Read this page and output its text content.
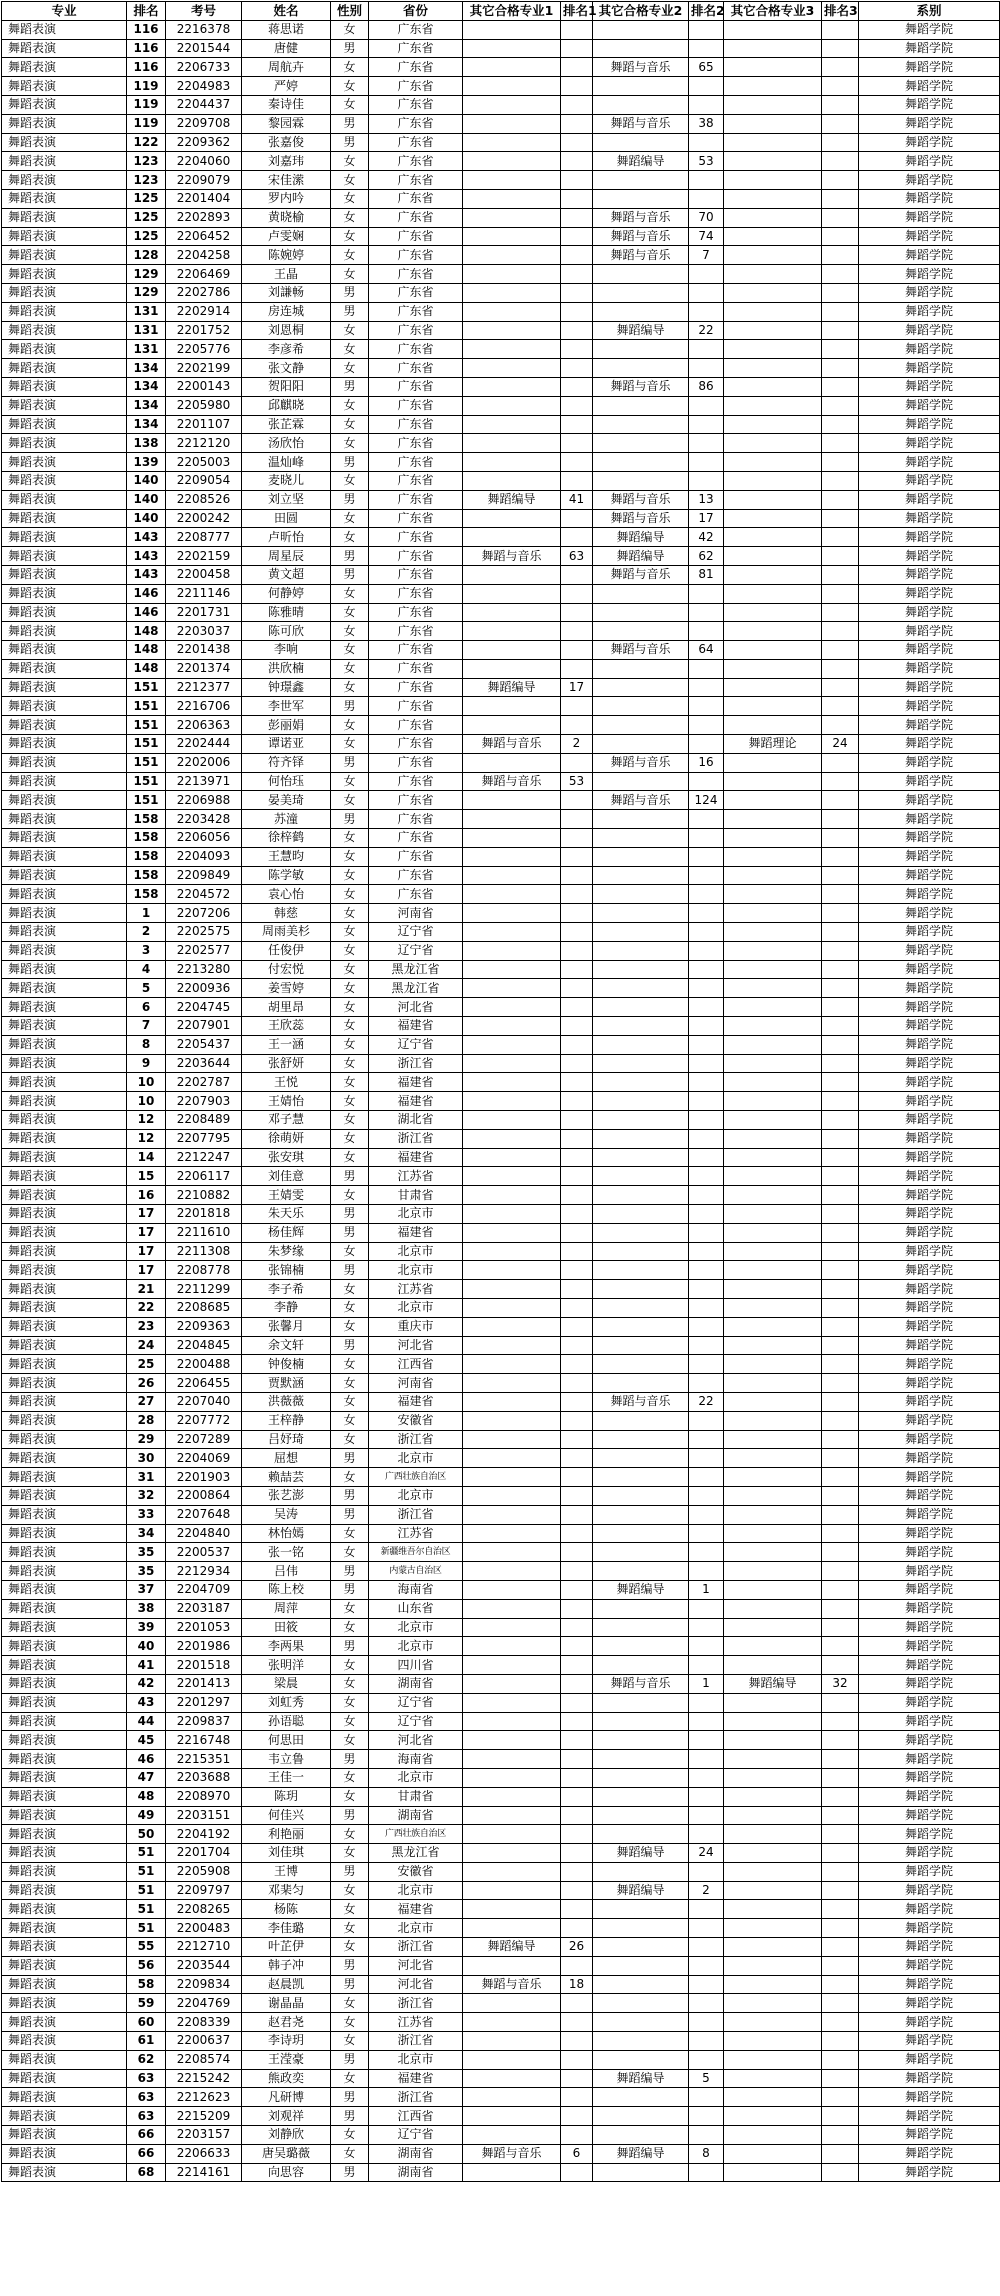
专业	排名	考号	姓名	性别	省份	其它合格专业1	排名1	其它合格专业2	排名2	其它合格专业3	排名3	系别
舞蹈表演	116	2216378	蒋思诺	女	广东省							舞蹈学院
舞蹈表演	116	2201544	唐健	男	广东省							舞蹈学院
舞蹈表演	116	2206733	周航卉	女	广东省			舞蹈与音乐	65			舞蹈学院
舞蹈表演	119	2204983	严婷	女	广东省							舞蹈学院
舞蹈表演	119	2204437	秦诗佳	女	广东省							舞蹈学院
舞蹈表演	119	2209708	黎园霖	男	广东省			舞蹈与音乐	38			舞蹈学院
舞蹈表演	122	2209362	张嘉俊	男	广东省							舞蹈学院
舞蹈表演	123	2204060	刘嘉玮	女	广东省			舞蹈编导	53			舞蹈学院
舞蹈表演	123	2209079	宋佳潆	女	广东省							舞蹈学院
舞蹈表演	125	2201404	罗内吟	女	广东省							舞蹈学院
舞蹈表演	125	2202893	黄晓榆	女	广东省			舞蹈与音乐	70			舞蹈学院
舞蹈表演	125	2206452	卢雯娴	女	广东省			舞蹈与音乐	74			舞蹈学院
舞蹈表演	128	2204258	陈婉婷	女	广东省			舞蹈与音乐	7			舞蹈学院
舞蹈表演	129	2206469	王晶	女	广东省							舞蹈学院
舞蹈表演	129	2202786	刘謙畅	男	广东省							舞蹈学院
舞蹈表演	131	2202914	房连城	男	广东省							舞蹈学院
舞蹈表演	131	2201752	刘恩桐	女	广东省			舞蹈编导	22			舞蹈学院
舞蹈表演	131	2205776	李彦希	女	广东省							舞蹈学院
舞蹈表演	134	2202199	张文静	女	广东省							舞蹈学院
舞蹈表演	134	2200143	贺阳阳	男	广东省			舞蹈与音乐	86			舞蹈学院
舞蹈表演	134	2205980	邱麒晓	女	广东省							舞蹈学院
舞蹈表演	134	2201107	张芷霖	女	广东省							舞蹈学院
舞蹈表演	138	2212120	汤欣怡	女	广东省							舞蹈学院
舞蹈表演	139	2205003	温灿峰	男	广东省							舞蹈学院
舞蹈表演	140	2209054	麦晓儿	女	广东省							舞蹈学院
舞蹈表演	140	2208526	刘立坚	男	广东省	舞蹈编导	41	舞蹈与音乐	13			舞蹈学院
舞蹈表演	140	2200242	田圆	女	广东省			舞蹈与音乐	17			舞蹈学院
舞蹈表演	143	2208777	卢昕怡	女	广东省			舞蹈编导	42			舞蹈学院
舞蹈表演	143	2202159	周星辰	男	广东省	舞蹈与音乐	63	舞蹈编导	62			舞蹈学院
舞蹈表演	143	2200458	黄文超	男	广东省			舞蹈与音乐	81			舞蹈学院
舞蹈表演	146	2211146	何静婷	女	广东省							舞蹈学院
舞蹈表演	146	2201731	陈雅晴	女	广东省							舞蹈学院
舞蹈表演	148	2203037	陈可欣	女	广东省							舞蹈学院
舞蹈表演	148	2201438	李响	女	广东省			舞蹈与音乐	64			舞蹈学院
舞蹈表演	148	2201374	洪欣楠	女	广东省							舞蹈学院
舞蹈表演	151	2212377	钟璟鑫	女	广东省	舞蹈编导	17					舞蹈学院
舞蹈表演	151	2216706	李世军	男	广东省							舞蹈学院
舞蹈表演	151	2206363	彭丽娟	女	广东省							舞蹈学院
舞蹈表演	151	2202444	谭诺亚	女	广东省	舞蹈与音乐	2			舞蹈理论	24	舞蹈学院
舞蹈表演	151	2202006	符齐铎	男	广东省			舞蹈与音乐	16			舞蹈学院
舞蹈表演	151	2213971	何怡珏	女	广东省	舞蹈与音乐	53					舞蹈学院
舞蹈表演	151	2206988	晏美琦	女	广东省			舞蹈与音乐	124			舞蹈学院
舞蹈表演	158	2203428	苏潼	男	广东省							舞蹈学院
舞蹈表演	158	2206056	徐梓鹤	女	广东省							舞蹈学院
舞蹈表演	158	2204093	王慧昀	女	广东省							舞蹈学院
舞蹈表演	158	2209849	陈学敏	女	广东省							舞蹈学院
舞蹈表演	158	2204572	袁心怡	女	广东省							舞蹈学院
舞蹈表演	1	2207206	韩慈	女	河南省							舞蹈学院
舞蹈表演	2	2202575	周雨美杉	女	辽宁省							舞蹈学院
舞蹈表演	3	2202577	任俊伊	女	辽宁省							舞蹈学院
舞蹈表演	4	2213280	付宏悦	女	黑龙江省							舞蹈学院
舞蹈表演	5	2200936	姜雪婷	女	黑龙江省							舞蹈学院
舞蹈表演	6	2204745	胡里昂	女	河北省							舞蹈学院
舞蹈表演	7	2207901	王欣蕊	女	福建省							舞蹈学院
舞蹈表演	8	2205437	王一涵	女	辽宁省							舞蹈学院
舞蹈表演	9	2203644	张舒妍	女	浙江省							舞蹈学院
舞蹈表演	10	2202787	王悦	女	福建省							舞蹈学院
舞蹈表演	10	2207903	王婧怡	女	福建省							舞蹈学院
舞蹈表演	12	2208489	邓子慧	女	湖北省							舞蹈学院
舞蹈表演	12	2207795	徐萌妍	女	浙江省							舞蹈学院
舞蹈表演	14	2212247	张安琪	女	福建省							舞蹈学院
舞蹈表演	15	2206117	刘佳意	男	江苏省							舞蹈学院
舞蹈表演	16	2210882	王婧雯	女	甘肃省							舞蹈学院
舞蹈表演	17	2201818	朱天乐	男	北京市							舞蹈学院
舞蹈表演	17	2211610	杨佳辉	男	福建省							舞蹈学院
舞蹈表演	17	2211308	朱梦缘	女	北京市							舞蹈学院
舞蹈表演	17	2208778	张锦楠	男	北京市							舞蹈学院
舞蹈表演	21	2211299	李子希	女	江苏省							舞蹈学院
舞蹈表演	22	2208685	李静	女	北京市							舞蹈学院
舞蹈表演	23	2209363	张馨月	女	重庆市							舞蹈学院
舞蹈表演	24	2204845	余文轩	男	河北省							舞蹈学院
舞蹈表演	25	2200488	钟俊楠	女	江西省							舞蹈学院
舞蹈表演	26	2206455	贾默涵	女	河南省							舞蹈学院
舞蹈表演	27	2207040	洪薇薇	女	福建省			舞蹈与音乐	22			舞蹈学院
舞蹈表演	28	2207772	王梓静	女	安徽省							舞蹈学院
舞蹈表演	29	2207289	吕妤琦	女	浙江省							舞蹈学院
舞蹈表演	30	2204069	屈想	男	北京市							舞蹈学院
舞蹈表演	31	2201903	赖喆芸	女	广西壮族自治区							舞蹈学院
舞蹈表演	32	2200864	张艺澎	男	北京市							舞蹈学院
舞蹈表演	33	2207648	吴涛	男	浙江省							舞蹈学院
舞蹈表演	34	2204840	林怡嫣	女	江苏省							舞蹈学院
舞蹈表演	35	2200537	张一铭	女	新疆维吾尔自治区							舞蹈学院
舞蹈表演	35	2212934	吕伟	男	内蒙古自治区							舞蹈学院
舞蹈表演	37	2204709	陈上校	男	海南省			舞蹈编导	1			舞蹈学院
舞蹈表演	38	2203187	周萍	女	山东省							舞蹈学院
舞蹈表演	39	2201053	田筱	女	北京市							舞蹈学院
舞蹈表演	40	2201986	李两果	男	北京市							舞蹈学院
舞蹈表演	41	2201518	张明洋	女	四川省							舞蹈学院
舞蹈表演	42	2201413	梁晨	女	湖南省			舞蹈与音乐	1	舞蹈编导	32	舞蹈学院
舞蹈表演	43	2201297	刘虹秀	女	辽宁省							舞蹈学院
舞蹈表演	44	2209837	孙语聪	女	辽宁省							舞蹈学院
舞蹈表演	45	2216748	何思田	女	河北省							舞蹈学院
舞蹈表演	46	2215351	韦立鲁	男	海南省							舞蹈学院
舞蹈表演	47	2203688	王佳一	女	北京市							舞蹈学院
舞蹈表演	48	2208970	陈玥	女	甘肃省							舞蹈学院
舞蹈表演	49	2203151	何佳兴	男	湖南省							舞蹈学院
舞蹈表演	50	2204192	利艳丽	女	广西壮族自治区							舞蹈学院
舞蹈表演	51	2201704	刘佳琪	女	黑龙江省			舞蹈编导	24			舞蹈学院
舞蹈表演	51	2205908	王博	男	安徽省							舞蹈学院
舞蹈表演	51	2209797	邓棐匀	女	北京市			舞蹈编导	2			舞蹈学院
舞蹈表演	51	2208265	杨陈	女	福建省							舞蹈学院
舞蹈表演	51	2200483	李佳璐	女	北京市							舞蹈学院
舞蹈表演	55	2212710	叶芷伊	女	浙江省	舞蹈编导	26					舞蹈学院
舞蹈表演	56	2203544	韩子冲	男	河北省							舞蹈学院
舞蹈表演	58	2209834	赵晨凯	男	河北省	舞蹈与音乐	18					舞蹈学院
舞蹈表演	59	2204769	谢晶晶	女	浙江省							舞蹈学院
舞蹈表演	60	2208339	赵君尧	女	江苏省							舞蹈学院
舞蹈表演	61	2200637	李诗玥	女	浙江省							舞蹈学院
舞蹈表演	62	2208574	王滢豪	男	北京市							舞蹈学院
舞蹈表演	63	2215242	熊政奕	女	福建省			舞蹈编导	5			舞蹈学院
舞蹈表演	63	2212623	凡研博	男	浙江省							舞蹈学院
舞蹈表演	63	2215209	刘观祥	男	江西省							舞蹈学院
舞蹈表演	66	2203157	刘静欣	女	辽宁省							舞蹈学院
舞蹈表演	66	2206633	唐吴璐薇	女	湖南省	舞蹈与音乐	6	舞蹈编导	8			舞蹈学院
舞蹈表演	68	2214161	向思容	男	湖南省							舞蹈学院
